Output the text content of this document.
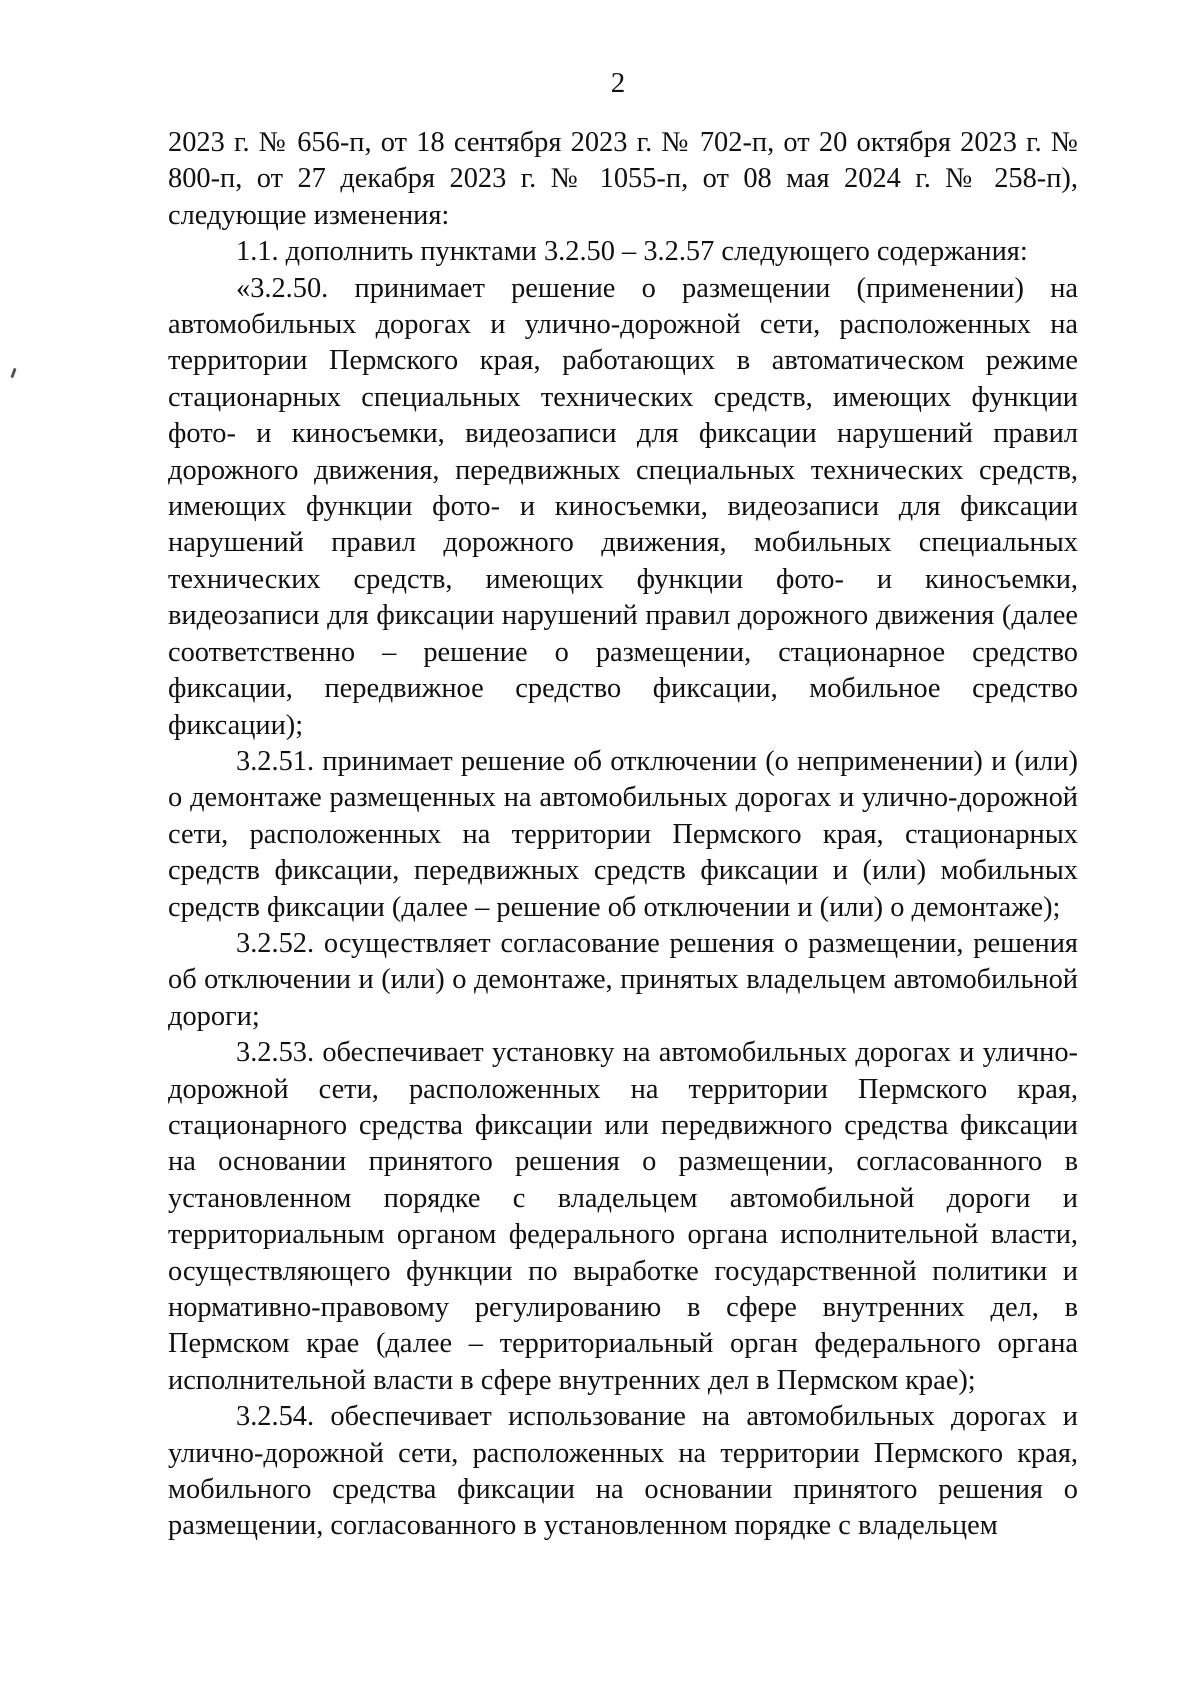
2

2023 г. № 656-п, от 18 сентября 2023 г. № 702-п, от 20 октября 2023 г. № 800-п, от 27 декабря 2023 г. № 1055-п, от 08 мая 2024 г. № 258-п), следующие изменения:

1.1. дополнить пунктами 3.2.50 – 3.2.57 следующего содержания:

«3.2.50. принимает решение о размещении (применении) на автомобильных дорогах и улично-дорожной сети, расположенных на территории Пермского края, работающих в автоматическом режиме стационарных специальных технических средств, имеющих функции фото- и киносъемки, видеозаписи для фиксации нарушений правил дорожного движения, передвижных специальных технических средств, имеющих функции фото- и киносъемки, видеозаписи для фиксации нарушений правил дорожного движения, мобильных специальных технических средств, имеющих функции фото- и киносъемки, видеозаписи для фиксации нарушений правил дорожного движения (далее соответственно – решение о размещении, стационарное средство фиксации, передвижное средство фиксации, мобильное средство фиксации);

3.2.51. принимает решение об отключении (о неприменении) и (или) о демонтаже размещенных на автомобильных дорогах и улично-дорожной сети, расположенных на территории Пермского края, стационарных средств фиксации, передвижных средств фиксации и (или) мобильных средств фиксации (далее – решение об отключении и (или) о демонтаже);

3.2.52. осуществляет согласование решения о размещении, решения об отключении и (или) о демонтаже, принятых владельцем автомобильной дороги;

3.2.53. обеспечивает установку на автомобильных дорогах и улично-дорожной сети, расположенных на территории Пермского края, стационарного средства фиксации или передвижного средства фиксации на основании принятого решения о размещении, согласованного в установленном порядке с владельцем автомобильной дороги и территориальным органом федерального органа исполнительной власти, осуществляющего функции по выработке государственной политики и нормативно-правовому регулированию в сфере внутренних дел, в Пермском крае (далее – территориальный орган федерального органа исполнительной власти в сфере внутренних дел в Пермском крае);

3.2.54. обеспечивает использование на автомобильных дорогах и улично-дорожной сети, расположенных на территории Пермского края, мобильного средства фиксации на основании принятого решения о размещении, согласованного в установленном порядке с владельцем
